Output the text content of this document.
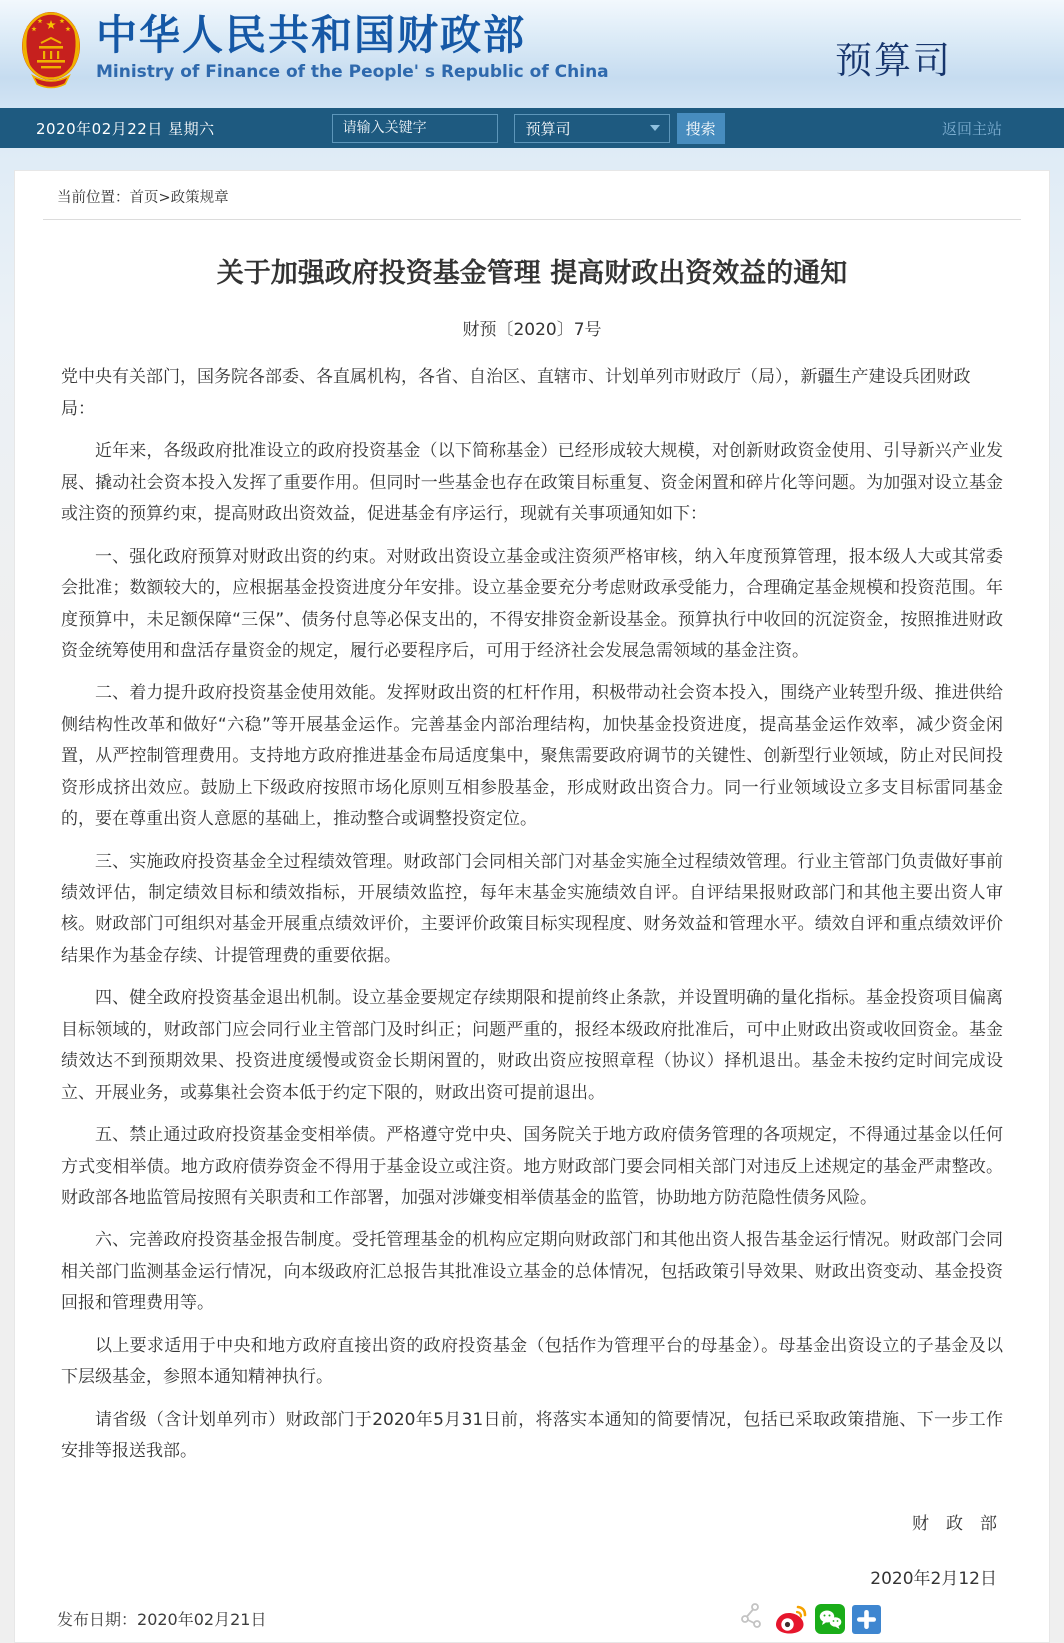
中华人民共和国财政部
Ministry of Finance of the People' s Republic of China	预算司
2020年02月22日 星期六
请输入关键字	预算司	搜索	返回主站
当前位置：首页>政策规章
关于加强政府投资基金管理 提高财政出资效益的通知
财预〔2020〕7号

党中央有关部门，国务院各部委、各直属机构，各省、自治区、直辖市、计划单列市财政厅（局），新疆生产建设兵团财政局：

近年来，各级政府批准设立的政府投资基金（以下简称基金）已经形成较大规模，对创新财政资金使用、引导新兴产业发展、撬动社会资本投入发挥了重要作用。但同时一些基金也存在政策目标重复、资金闲置和碎片化等问题。为加强对设立基金或注资的预算约束，提高财政出资效益，促进基金有序运行，现就有关事项通知如下：

一、强化政府预算对财政出资的约束。对财政出资设立基金或注资须严格审核，纳入年度预算管理，报本级人大或其常委会批准；数额较大的，应根据基金投资进度分年安排。设立基金要充分考虑财政承受能力，合理确定基金规模和投资范围。年度预算中，未足额保障“三保”、债务付息等必保支出的，不得安排资金新设基金。预算执行中收回的沉淀资金，按照推进财政资金统筹使用和盘活存量资金的规定，履行必要程序后，可用于经济社会发展急需领域的基金注资。

二、着力提升政府投资基金使用效能。发挥财政出资的杠杆作用，积极带动社会资本投入，围绕产业转型升级、推进供给侧结构性改革和做好“六稳”等开展基金运作。完善基金内部治理结构，加快基金投资进度，提高基金运作效率，减少资金闲置，从严控制管理费用。支持地方政府推进基金布局适度集中，聚焦需要政府调节的关键性、创新型行业领域，防止对民间投资形成挤出效应。鼓励上下级政府按照市场化原则互相参股基金，形成财政出资合力。同一行业领域设立多支目标雷同基金的，要在尊重出资人意愿的基础上，推动整合或调整投资定位。

三、实施政府投资基金全过程绩效管理。财政部门会同相关部门对基金实施全过程绩效管理。行业主管部门负责做好事前绩效评估，制定绩效目标和绩效指标，开展绩效监控，每年末基金实施绩效自评。自评结果报财政部门和其他主要出资人审核。财政部门可组织对基金开展重点绩效评价，主要评价政策目标实现程度、财务效益和管理水平。绩效自评和重点绩效评价结果作为基金存续、计提管理费的重要依据。

四、健全政府投资基金退出机制。设立基金要规定存续期限和提前终止条款，并设置明确的量化指标。基金投资项目偏离目标领域的，财政部门应会同行业主管部门及时纠正；问题严重的，报经本级政府批准后，可中止财政出资或收回资金。基金绩效达不到预期效果、投资进度缓慢或资金长期闲置的，财政出资应按照章程（协议）择机退出。基金未按约定时间完成设立、开展业务，或募集社会资本低于约定下限的，财政出资可提前退出。

五、禁止通过政府投资基金变相举债。严格遵守党中央、国务院关于地方政府债务管理的各项规定，不得通过基金以任何方式变相举债。地方政府债券资金不得用于基金设立或注资。地方财政部门要会同相关部门对违反上述规定的基金严肃整改。财政部各地监管局按照有关职责和工作部署，加强对涉嫌变相举债基金的监管，协助地方防范隐性债务风险。

六、完善政府投资基金报告制度。受托管理基金的机构应定期向财政部门和其他出资人报告基金运行情况。财政部门会同相关部门监测基金运行情况，向本级政府汇总报告其批准设立基金的总体情况，包括政策引导效果、财政出资变动、基金投资回报和管理费用等。

以上要求适用于中央和地方政府直接出资的政府投资基金（包括作为管理平台的母基金）。母基金出资设立的子基金及以下层级基金，参照本通知精神执行。

请省级（含计划单列市）财政部门于2020年5月31日前，将落实本通知的简要情况，包括已采取政策措施、下一步工作安排等报送我部。

财　政　部
2020年2月12日
发布日期：2020年02月21日
